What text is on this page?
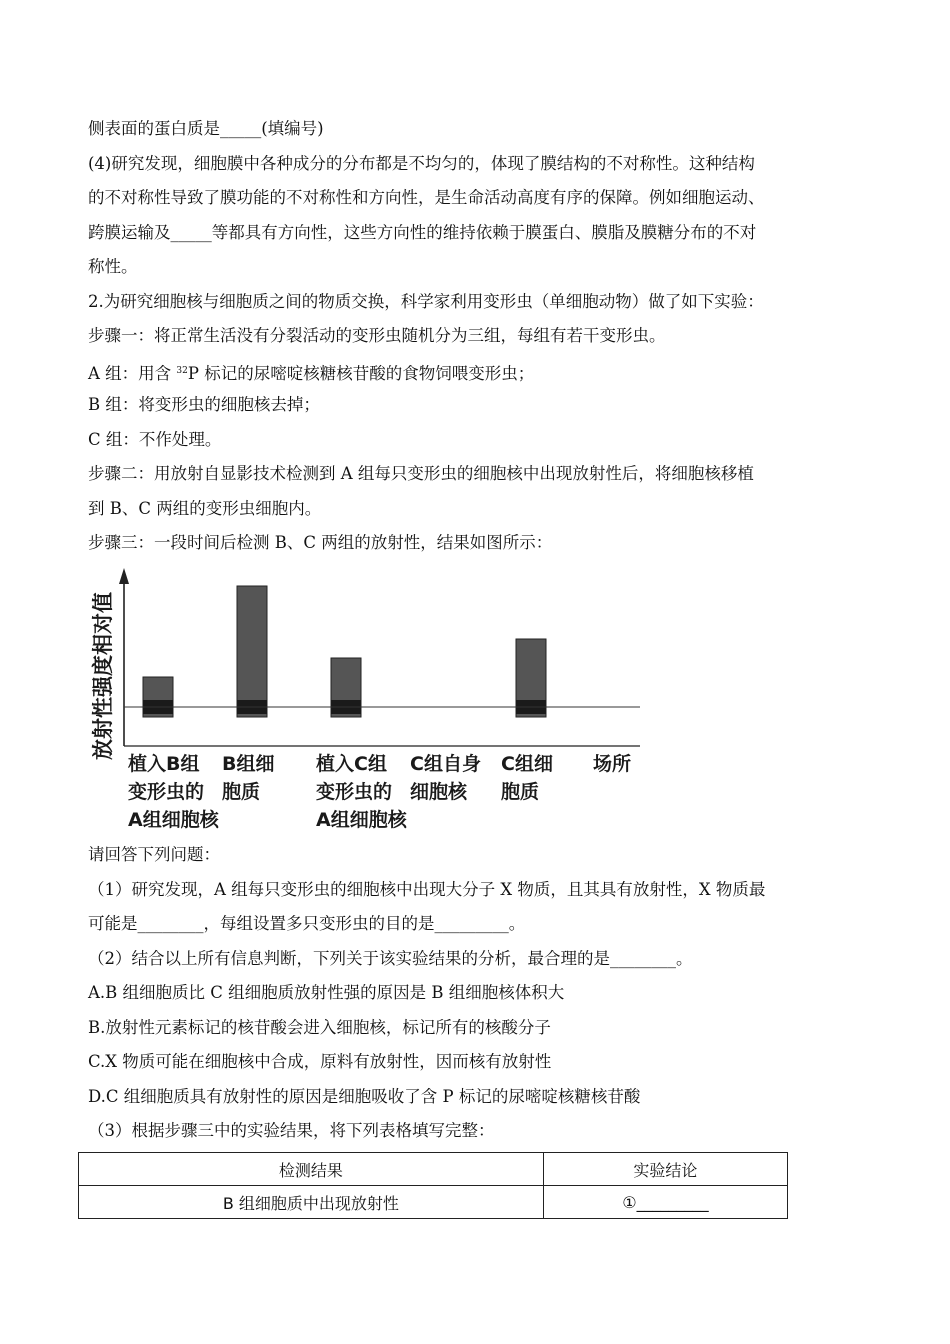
侧表面的蛋白质是_____(填编号)
(4)研究发现，细胞膜中各种成分的分布都是不均匀的，体现了膜结构的不对称性。这种结构
的不对称性导致了膜功能的不对称性和方向性，是生命活动高度有序的保障。例如细胞运动、
跨膜运输及_____等都具有方向性，这些方向性的维持依赖于膜蛋白、膜脂及膜糖分布的不对
称性。
2.为研究细胞核与细胞质之间的物质交换，科学家利用变形虫（单细胞动物）做了如下实验：
步骤一：将正常生活没有分裂活动的变形虫随机分为三组，每组有若干变形虫。
A 组：用含 $^{32}$P 标记的尿嘧啶核糖核苷酸的食物饲喂变形虫；
B 组：将变形虫的细胞核去掉；
C 组：不作处理。
步骤二：用放射自显影技术检测到 A 组每只变形虫的细胞核中出现放射性后，将细胞核移植
到 B、C 两组的变形虫细胞内。
步骤三：一段时间后检测 B、C 两组的放射性，结果如图所示：
放射性强度相对值
场所
植入B组变形虫的 A组细胞核
B组细胞质
植入C组变形虫的 A组细胞核
C组自身细胞核
C组细胞质
请回答下列问题：
（1）研究发现，A 组每只变形虫的细胞核中出现大分子 X 物质，且其具有放射性，X 物质最
可能是________，每组设置多只变形虫的目的是_________。
（2）结合以上所有信息判断，下列关于该实验结果的分析，最合理的是________。
A.B 组细胞质比 C 组细胞质放射性强的原因是 B 组细胞核体积大
B.放射性元素标记的核苷酸会进入细胞核，标记所有的核酸分子
C.X 物质可能在细胞核中合成，原料有放射性，因而核有放射性
D.C 组细胞质具有放射性的原因是细胞吸收了含 P 标记的尿嘧啶核糖核苷酸
（3）根据步骤三中的实验结果，将下列表格填写完整：
检测结果	实验结论
B 组细胞质中出现放射性	①_________
